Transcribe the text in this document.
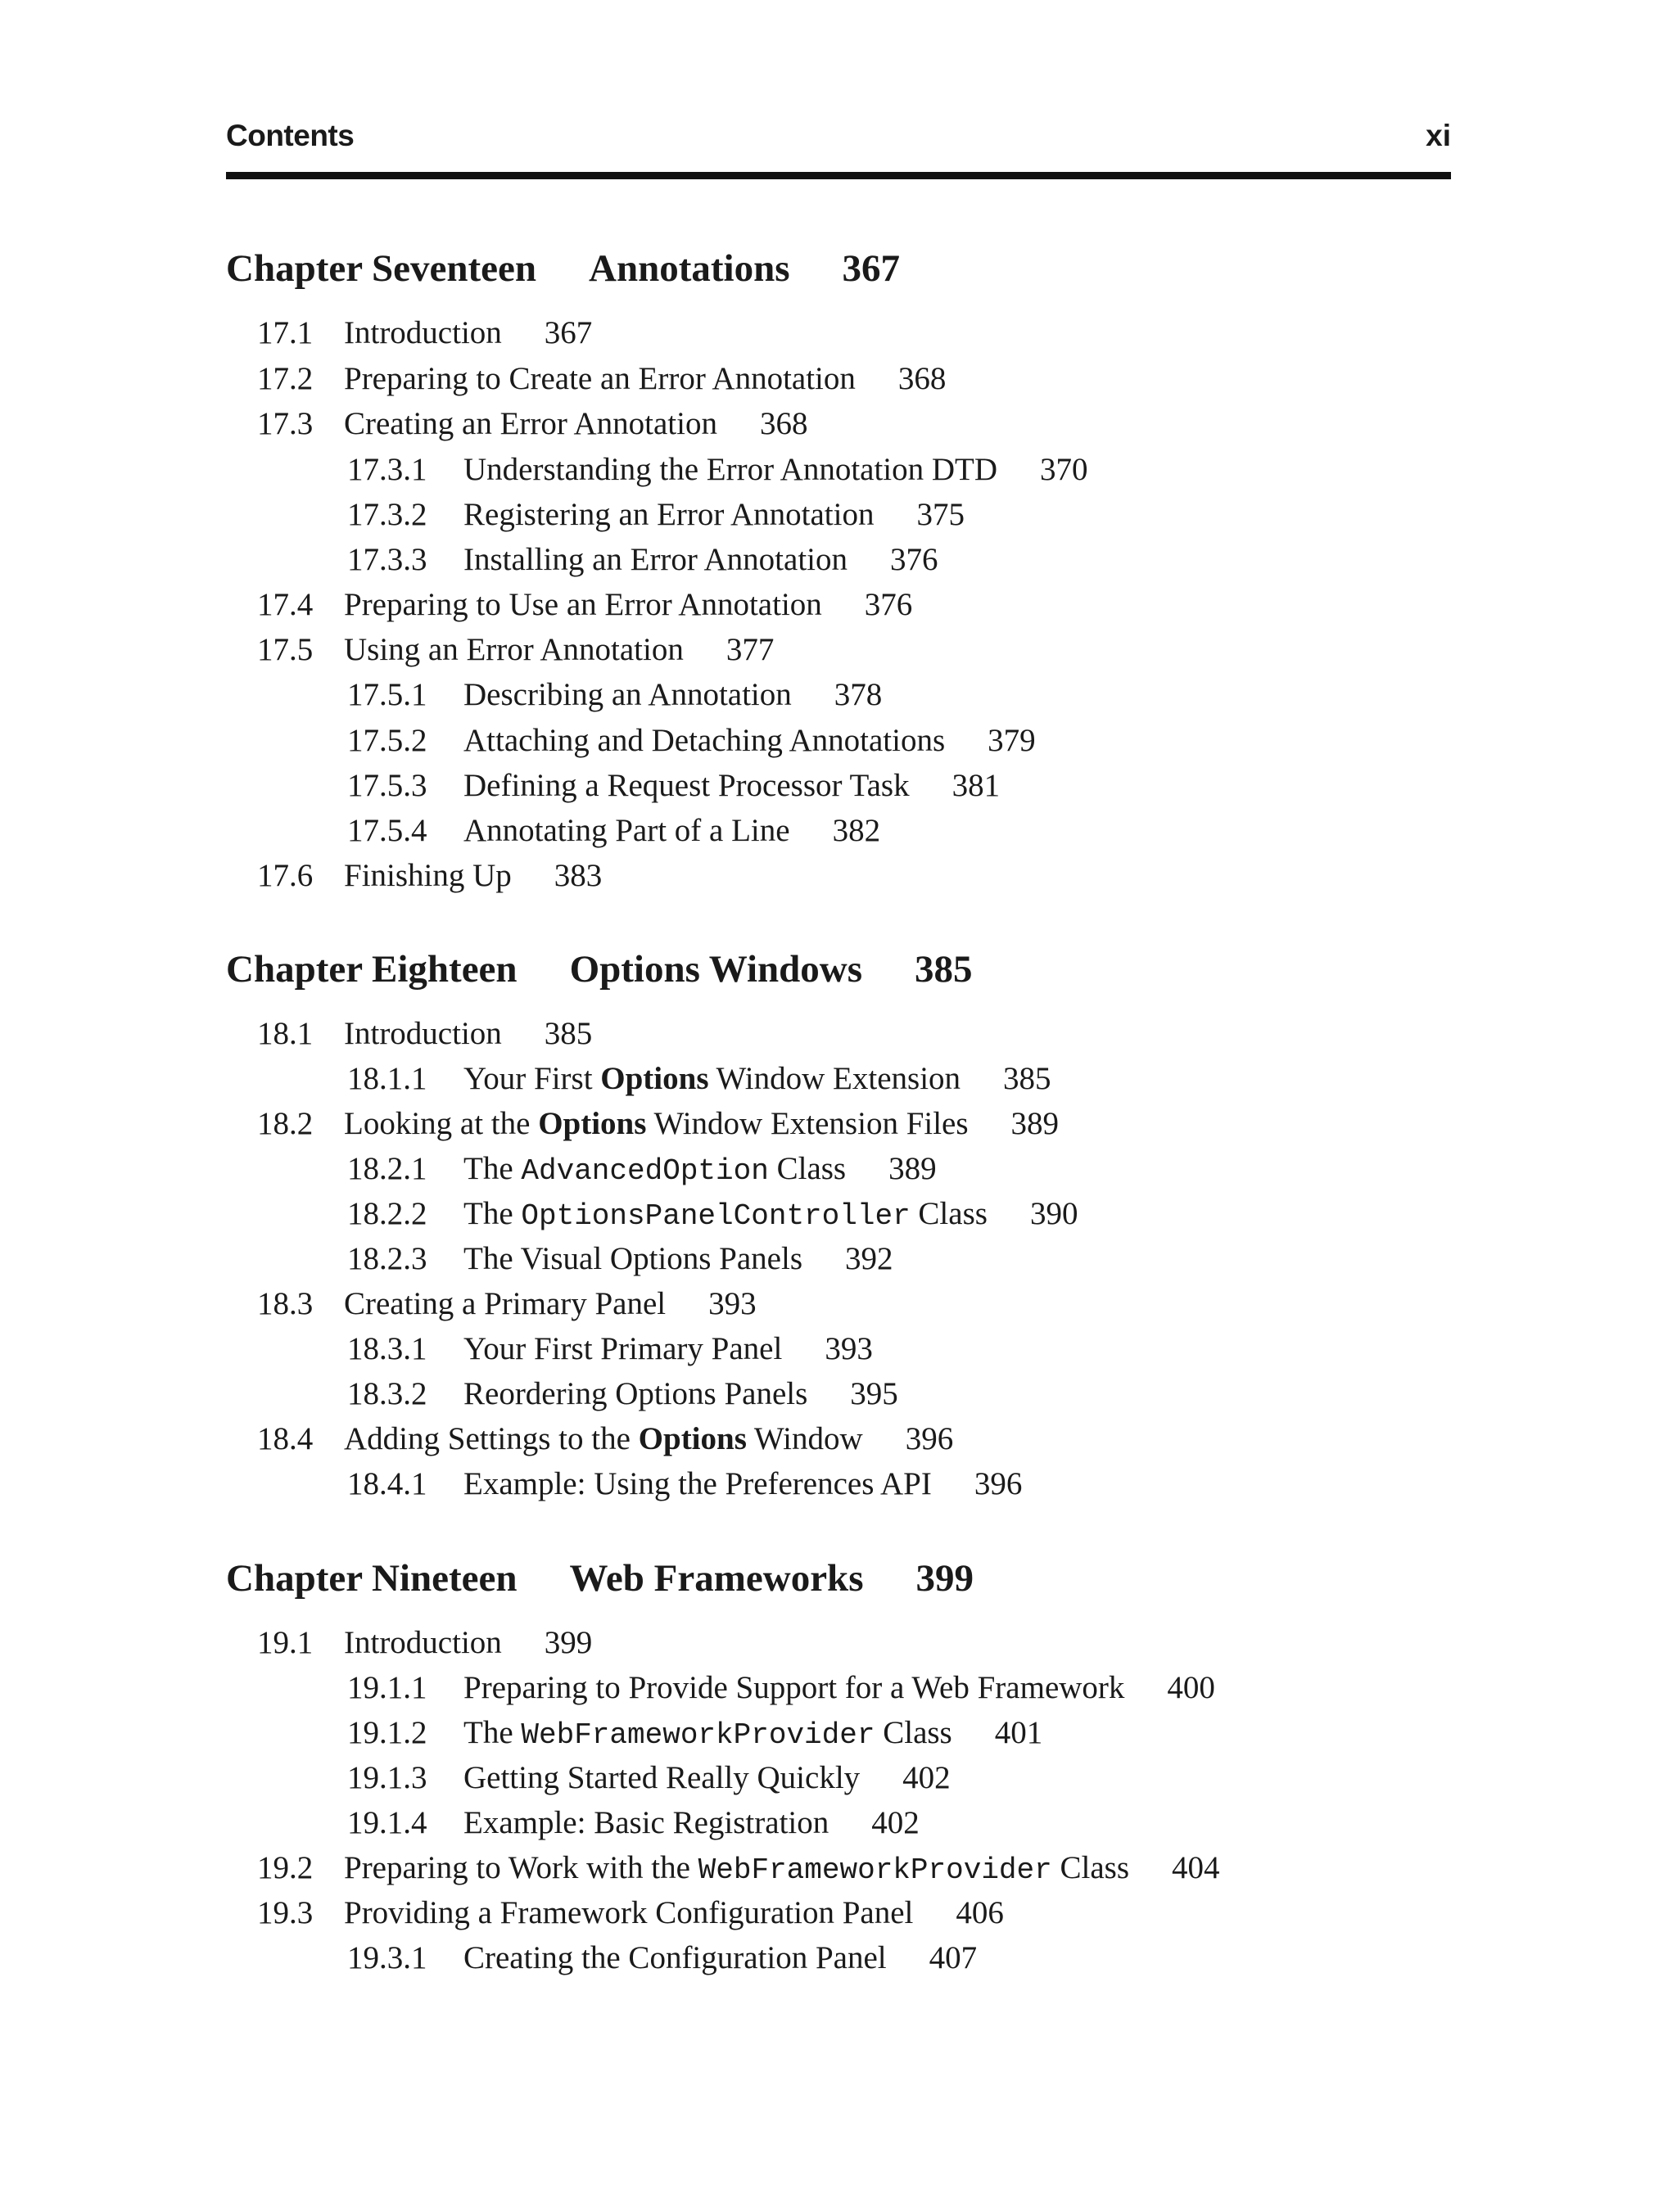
Contents	xi
Chapter Seventeen Annotations 367
17.1 Introduction 367
17.2 Preparing to Create an Error Annotation 368
17.3 Creating an Error Annotation 368
17.3.1 Understanding the Error Annotation DTD 370
17.3.2 Registering an Error Annotation 375
17.3.3 Installing an Error Annotation 376
17.4 Preparing to Use an Error Annotation 376
17.5 Using an Error Annotation 377
17.5.1 Describing an Annotation 378
17.5.2 Attaching and Detaching Annotations 379
17.5.3 Defining a Request Processor Task 381
17.5.4 Annotating Part of a Line 382
17.6 Finishing Up 383
Chapter Eighteen Options Windows 385
18.1 Introduction 385
18.1.1 Your First Options Window Extension 385
18.2 Looking at the Options Window Extension Files 389
18.2.1 The AdvancedOption Class 389
18.2.2 The OptionsPanelController Class 390
18.2.3 The Visual Options Panels 392
18.3 Creating a Primary Panel 393
18.3.1 Your First Primary Panel 393
18.3.2 Reordering Options Panels 395
18.4 Adding Settings to the Options Window 396
18.4.1 Example: Using the Preferences API 396
Chapter Nineteen Web Frameworks 399
19.1 Introduction 399
19.1.1 Preparing to Provide Support for a Web Framework 400
19.1.2 The WebFrameworkProvider Class 401
19.1.3 Getting Started Really Quickly 402
19.1.4 Example: Basic Registration 402
19.2 Preparing to Work with the WebFrameworkProvider Class 404
19.3 Providing a Framework Configuration Panel 406
19.3.1 Creating the Configuration Panel 407
